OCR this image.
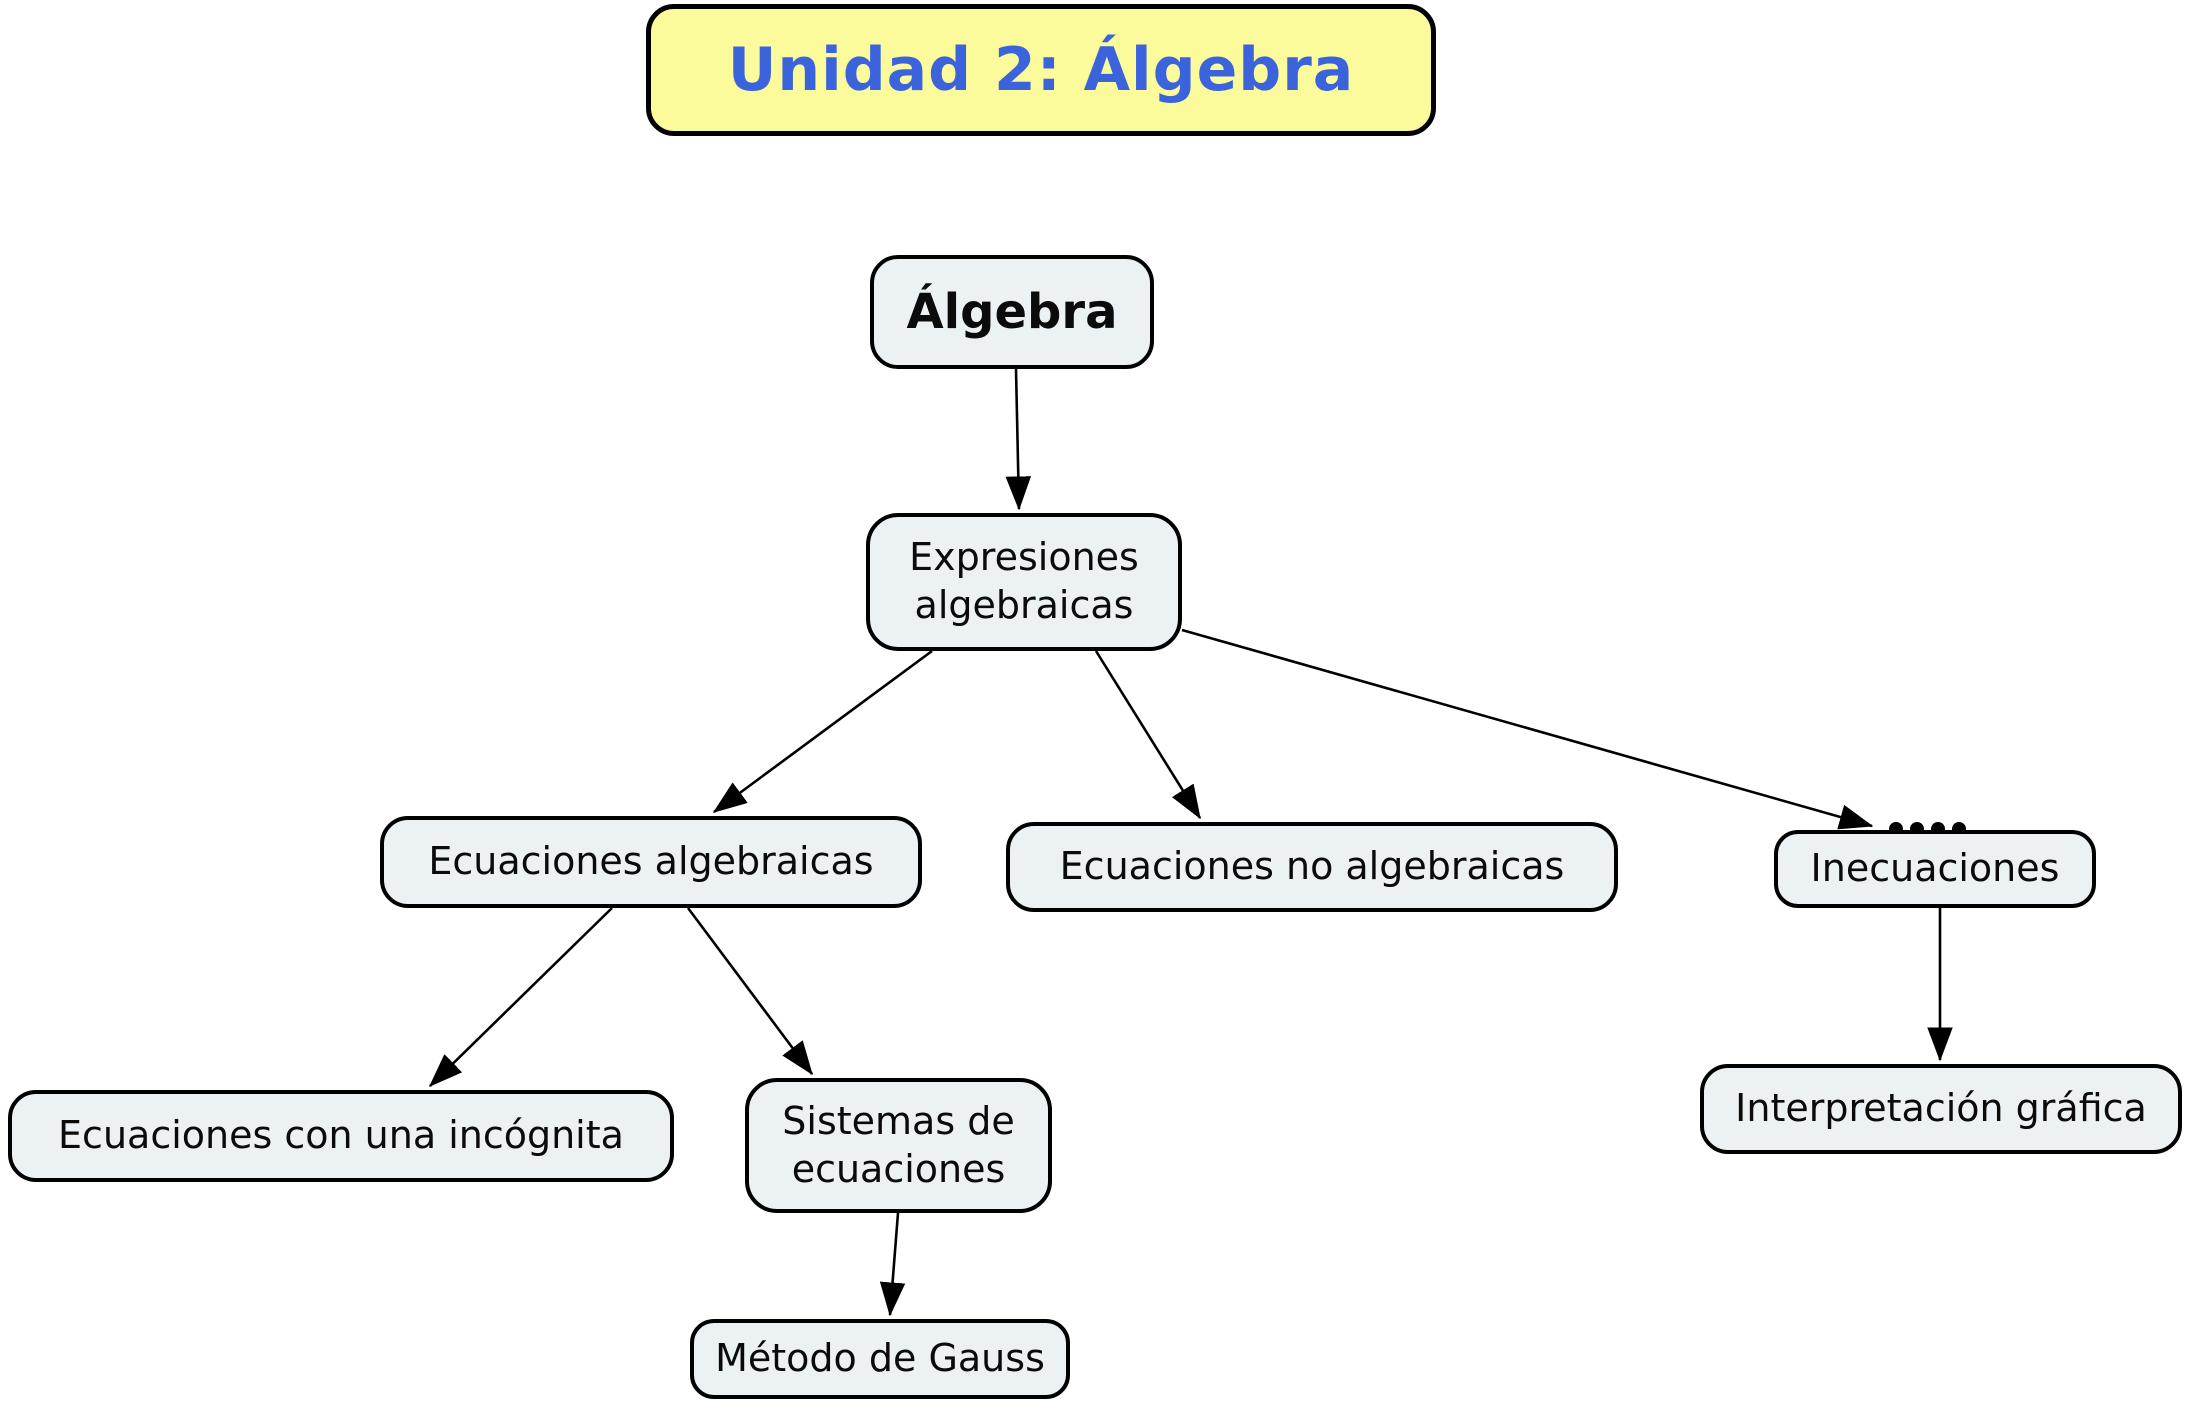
Unidad 2: Álgebra
Álgebra
Expresiones algebraicas
Ecuaciones algebraicas	Ecuaciones no algebraicas	Inecuaciones
Ecuaciones con una incógnita	Sistemas de ecuaciones
Interpretación gráfica
Método de Gauss
